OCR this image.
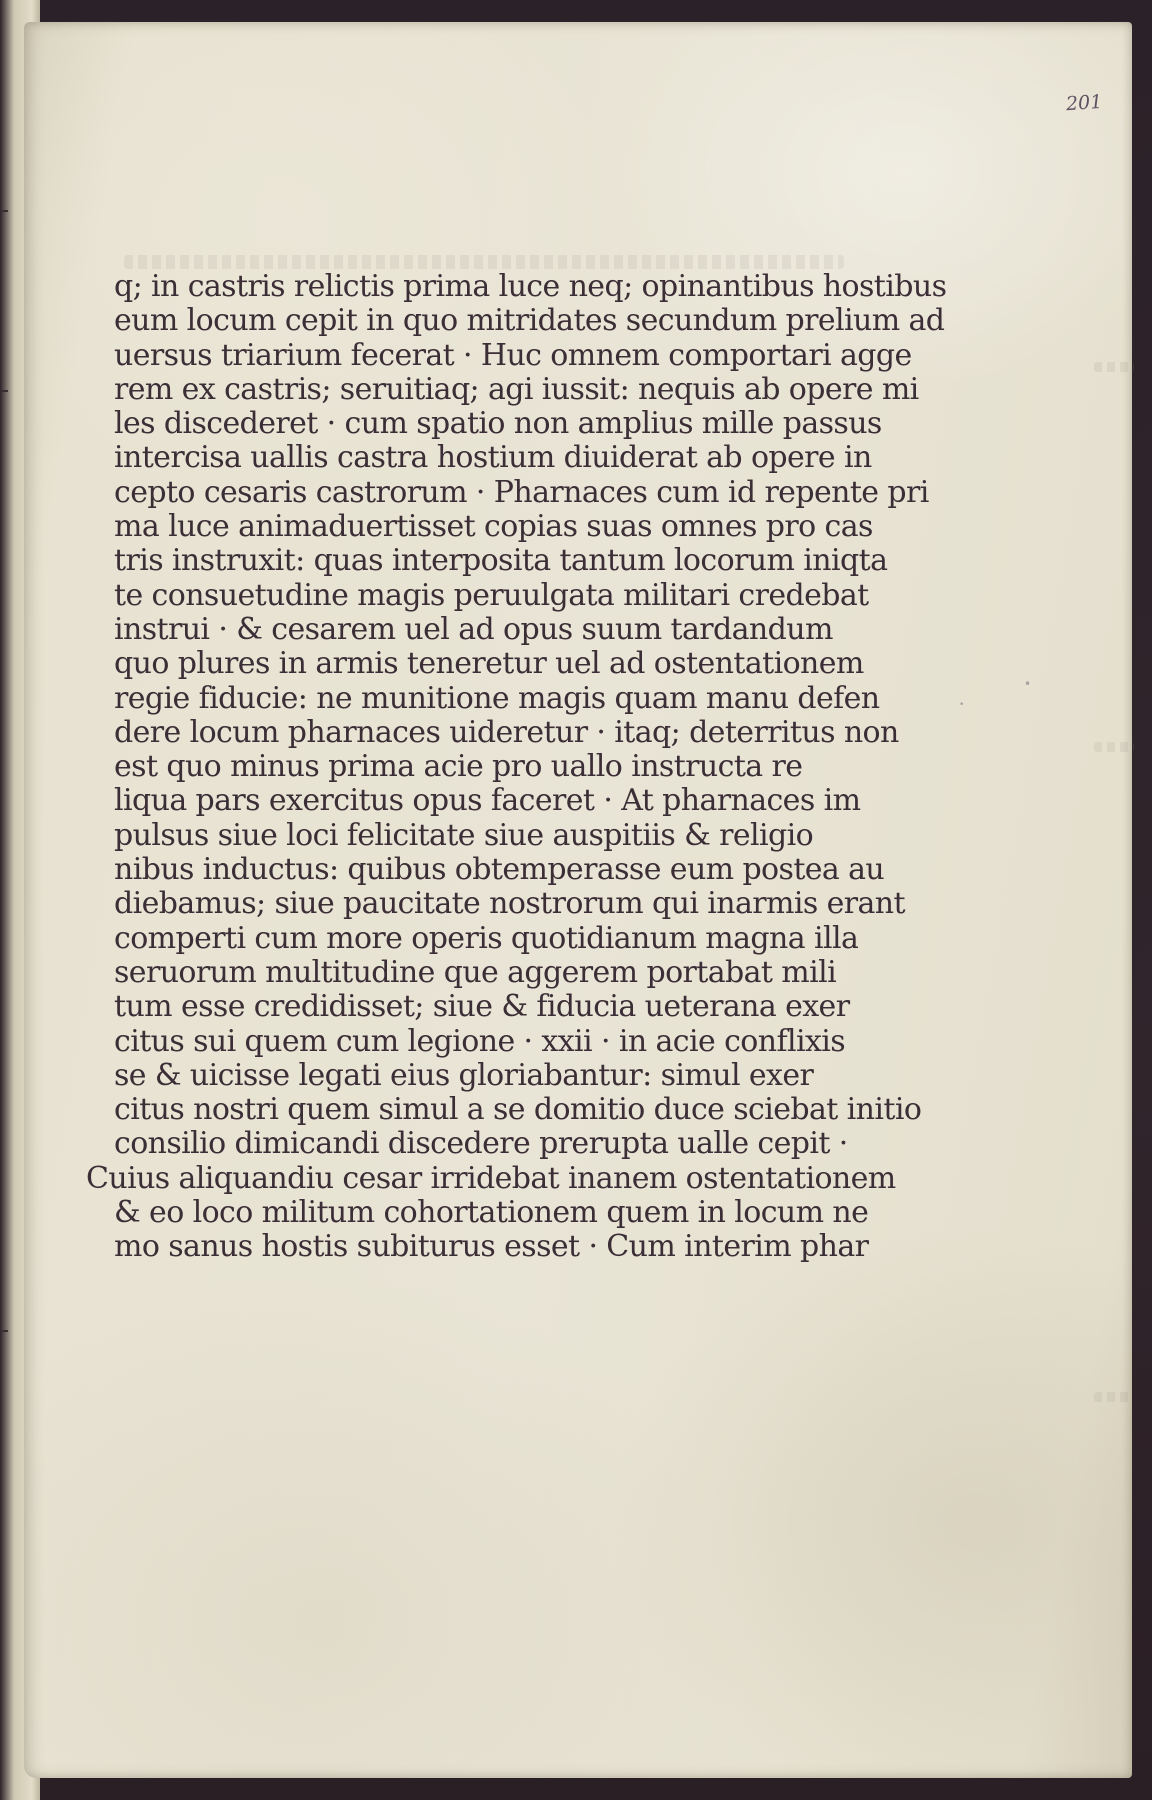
201
•
•
q; in castris relictis prima luce neq; opinantibus hostibus
eum locum cepit in quo mitridates secundum prelium ad
uersus triarium fecerat · Huc omnem comportari agge
rem ex castris; seruitiaq; agi iussit: nequis ab opere mi
les discederet · cum spatio non amplius mille passus
intercisa uallis castra hostium diuiderat ab opere in
cepto cesaris castrorum · Pharnaces cum id repente pri
ma luce animaduertisset copias suas omnes pro cas
tris instruxit: quas interposita tantum locorum iniqta
te consuetudine magis peruulgata militari credebat
instrui · & cesarem uel ad opus suum tardandum
quo plures in armis teneretur uel ad ostentationem
regie fiducie: ne munitione magis quam manu defen
dere locum pharnaces uideretur · itaq; deterritus non
est quo minus prima acie pro uallo instructa re
liqua pars exercitus opus faceret · At pharnaces im
pulsus siue loci felicitate siue auspitiis & religio
nibus inductus: quibus obtemperasse eum postea au
diebamus; siue paucitate nostrorum qui inarmis erant
comperti cum more operis quotidianum magna illa
seruorum multitudine que aggerem portabat mili
tum esse credidisset; siue & fiducia ueterana exer
citus sui quem cum legione · xxii · in acie conflixis
se & uicisse legati eius gloriabantur: simul exer
citus nostri quem simul a se domitio duce sciebat initio
consilio dimicandi discedere prerupta ualle cepit ·
Cuius aliquandiu cesar irridebat inanem ostentationem
& eo loco militum cohortationem quem in locum ne
mo sanus hostis subiturus esset · Cum interim phar
